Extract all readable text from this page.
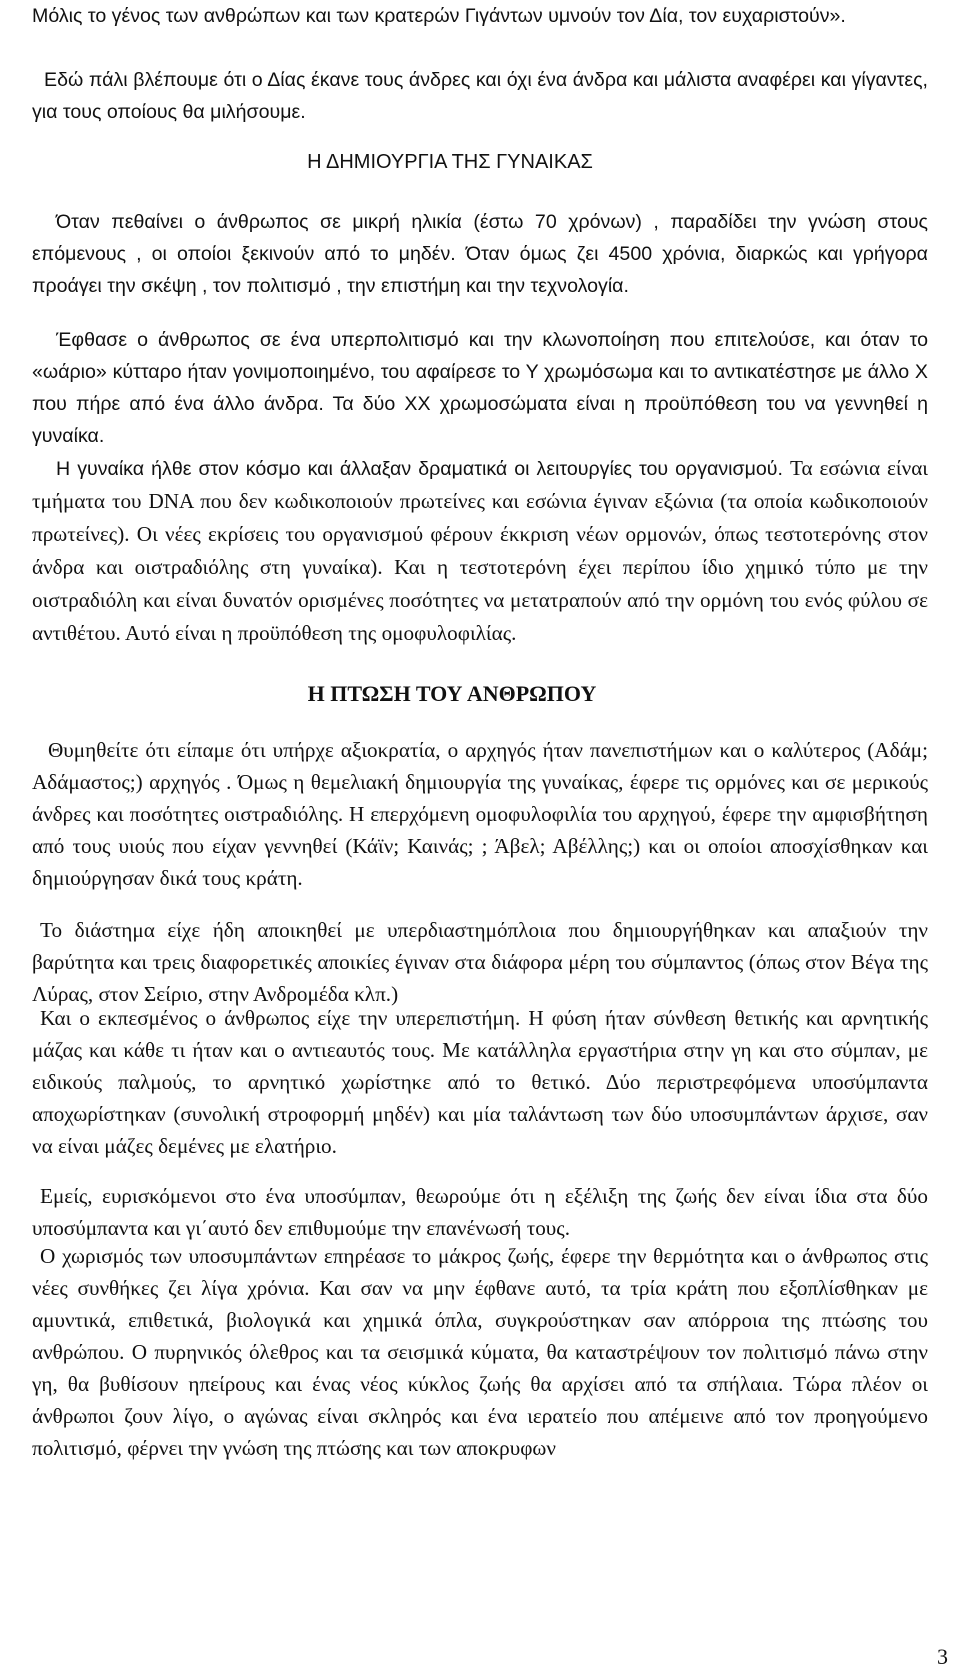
Μόλις το γένος των ανθρώπων και των κρατερών Γιγάντων υμνούν τον Δία, τον ευχαριστούν».
Εδώ πάλι βλέπουμε ότι ο Δίας έκανε τους άνδρες και όχι ένα άνδρα και μάλιστα αναφέρει και γίγαντες, για τους οποίους θα μιλήσουμε.
Η ΔΗΜΙΟΥΡΓΙΑ ΤΗΣ ΓΥΝΑΙΚΑΣ
Όταν πεθαίνει ο άνθρωπος σε μικρή ηλικία (έστω 70 χρόνων) , παραδίδει την γνώση στους επόμενους , οι οποίοι ξεκινούν από το μηδέν. Όταν όμως ζει 4500 χρόνια, διαρκώς και γρήγορα προάγει την σκέψη , τον πολιτισμό , την επιστήμη και την τεχνολογία.
Έφθασε ο άνθρωπος σε ένα υπερπολιτισμό και την κλωνοποίηση που επιτελούσε, και όταν το «ωάριο» κύτταρο ήταν γονιμοποιημένο, του αφαίρεσε το Υ χρωμόσωμα και το αντικατέστησε με άλλο Χ που πήρε από ένα άλλο άνδρα. Τα δύο ΧΧ χρωμοσώματα είναι η προϋπόθεση του να γεννηθεί η γυναίκα.
Η γυναίκα ήλθε στον κόσμο και άλλαξαν δραματικά οι λειτουργίες του οργανισμού. Τα εσώνια είναι τμήματα του DNA που δεν κωδικοποιούν πρωτείνες και εσώνια έγιναν εξώνια (τα οποία κωδικοποιούν πρωτείνες). Οι νέες εκρίσεις του οργανισμού φέρουν έκκριση νέων ορμονών, όπως τεστοτερόνης στον άνδρα και οιστραδιόλης στη γυναίκα). Και η τεστοτερόνη έχει περίπου ίδιο χημικό τύπο με την οιστραδιόλη και είναι δυνατόν ορισμένες ποσότητες να μετατραπούν από την ορμόνη του ενός φύλου σε αντιθέτου. Αυτό είναι η προϋπόθεση της ομοφυλοφιλίας.
Η ΠΤΩΣΗ ΤΟΥ ΑΝΘΡΩΠΟΥ
Θυμηθείτε ότι είπαμε ότι υπήρχε αξιοκρατία, ο αρχηγός ήταν πανεπιστήμων και ο καλύτερος (Αδάμ; Αδάμαστος;) αρχηγός . Όμως η θεμελιακή δημιουργία της γυναίκας, έφερε τις ορμόνες και σε μερικούς άνδρες και ποσότητες οιστραδιόλης. Η επερχόμενη ομοφυλοφιλία του αρχηγού, έφερε την αμφισβήτηση από τους υιούς που είχαν γεννηθεί (Κάϊν; Καινάς; ; Άβελ; Αβέλλης;) και οι οποίοι αποσχίσθηκαν και δημιούργησαν δικά τους κράτη.
Το διάστημα είχε ήδη αποικηθεί με υπερδιαστημόπλοια που δημιουργήθηκαν και απαξιούν την βαρύτητα και τρεις διαφορετικές αποικίες έγιναν στα διάφορα μέρη του σύμπαντος (όπως στον Βέγα της Λύρας, στον Σείριο, στην Ανδρομέδα κλπ.)
Και ο εκπεσμένος ο άνθρωπος είχε την υπερεπιστήμη. Η φύση ήταν σύνθεση θετικής και αρνητικής μάζας και κάθε τι ήταν και ο αντιεαυτός τους. Με κατάλληλα εργαστήρια στην γη και στο σύμπαν, με ειδικούς παλμούς, το αρνητικό χωρίστηκε από το θετικό. Δύο περιστρεφόμενα υποσύμπαντα αποχωρίστηκαν (συνολική στροφορμή μηδέν) και μία ταλάντωση των δύο υποσυμπάντων άρχισε, σαν να είναι μάζες δεμένες με ελατήριο.
Εμείς, ευρισκόμενοι στο ένα υποσύμπαν, θεωρούμε ότι η εξέλιξη της ζωής δεν είναι ίδια στα δύο υποσύμπαντα και γι΄αυτό δεν επιθυμούμε την επανένωσή τους.
Ο χωρισμός των υποσυμπάντων επηρέασε το μάκρος ζωής, έφερε την θερμότητα και ο άνθρωπος στις νέες συνθήκες ζει λίγα χρόνια. Και σαν να μην έφθανε αυτό, τα τρία κράτη που εξοπλίσθηκαν με αμυντικά, επιθετικά, βιολογικά και χημικά όπλα, συγκρούστηκαν σαν απόρροια της πτώσης του ανθρώπου. Ο πυρηνικός όλεθρος και τα σεισμικά κύματα, θα καταστρέψουν τον πολιτισμό πάνω στην γη, θα βυθίσουν ηπείρους και ένας νέος κύκλος ζωής θα αρχίσει από τα σπήλαια. Τώρα πλέον οι άνθρωποι ζουν λίγο, ο αγώνας είναι σκληρός και ένα ιερατείο που απέμεινε από τον προηγούμενο πολιτισμό, φέρνει την γνώση της πτώσης και των αποκρυφων
3
